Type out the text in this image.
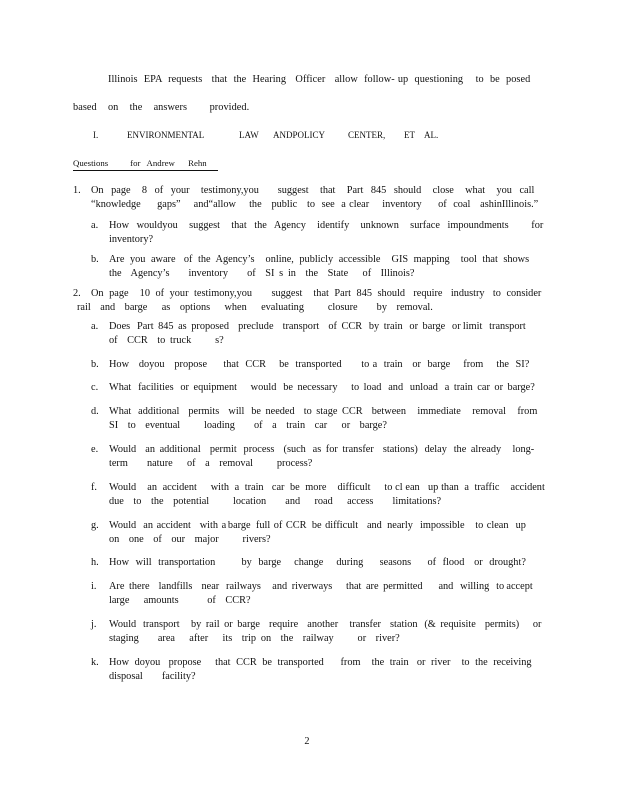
Illinois  EPA  requests   that  the  Hearing   Officer   allow  follow- up  questioning    to  be  posed
based  on  the  answers    provided.

I.

	ENVIRONMENTAL

	LAW

ANDPOLICY

	CENTER,

ET

AL.

Questions          for   Andrew      Rehn
1. On  page   8  of  your   testimony,you     suggest   that   Part  845  should   close   what   you  call
“knowledge     gaps”    and“allow    the   public   to  see  a clear    inventory     of  coal   ashinIllinois.”
a. How  wouldyou   suggest   that  the  Agency   identify   unknown   surface  impoundments      for
inventory?
b. Are  you  aware   of  the  Agency’s    online,  publicly  accessible    GIS  mapping    tool  that  shows
the  Agency’s    inventory    of  SI s in  the  State   of  Illinois?
2. On  page    10  of  your  testimony,you       suggest    that  Part  845  should   require   industry   to  consider
rail  and  barge   as  options   when   evaluating     closure    by  removal.
a. Does   Part  845  as  proposed    preclude    transport    of  CCR   by  train   or  barge   or limit   transport
of  CCR  to truck     s?
b. How   doyou   propose     that  CCR    be  transported      to a  train   or  barge    from    the  SI?
c. What   facilities   or  equipment      would   be  necessary      to  load   and   unload   a  train  car  or  barge?
d. What   additional    permits    will   be  needed    to  stage  CCR    between     immediate     removal     from
SI  to  eventual     loading    of  a  train  car   or  barge?
e. Would    an  additional    permit   process    (such   as  for  transfer    stations)   delay   the  already     long-
term    nature   of  a  removal     process?
f. Would    an  accident     with  a  train   car  be  more    difficult     to cl ean   up than  a  traffic    accident
due  to  the  potential     location    and   road   access    limitations?
g. Would    an  accident     with  a barge   full  of  CCR   be  difficult     and   nearly    impossible      to  clean    up
on  one  of  our  major     rivers?
h. How  will  transportation        by  barge    change    during     seasons     of  flood   or  drought?
i. Are  there    landfills    near   railways     and  riverways      that  are  permitted       and   willing   to accept
large   amounts      of  CCR?
j. Would   transport     by  rail  or  barge    require    another     transfer    station   (&  requisite    permits)      or
staging    area   after   its  trip on  the  railway     or  river?
k. How  doyou   propose     that  CCR  be  transported      from    the  train   or  river    to  the  receiving
disposal    facility?
2
